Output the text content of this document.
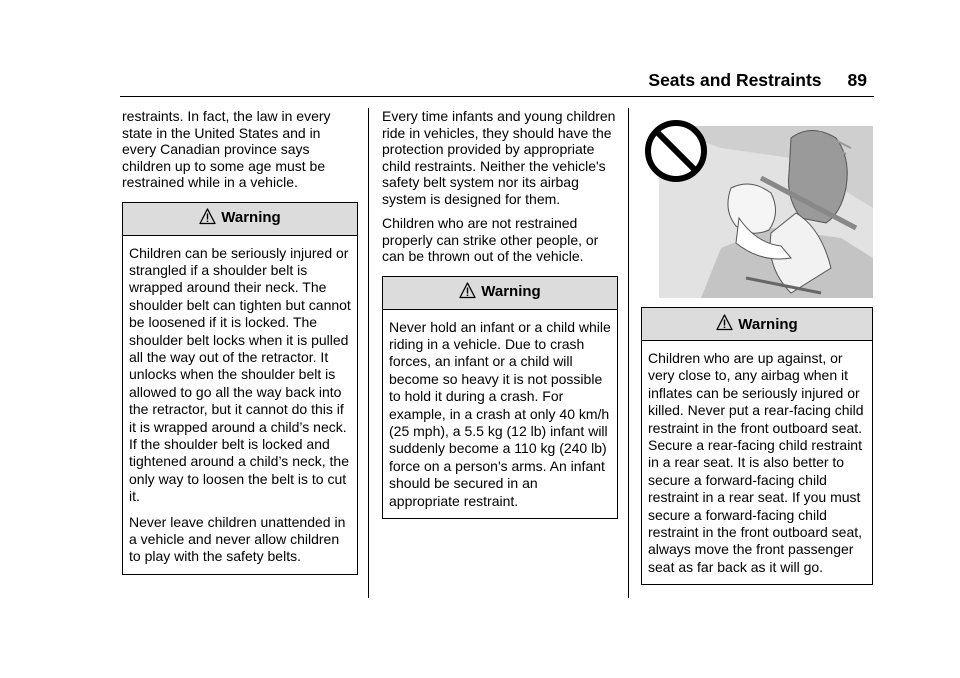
Seats and Restraints 89

restraints. In fact, the law in every state in the United States and in every Canadian province says children up to some age must be restrained while in a vehicle.

Warning

Children can be seriously injured or strangled if a shoulder belt is wrapped around their neck. The shoulder belt can tighten but cannot be loosened if it is locked. The shoulder belt locks when it is pulled all the way out of the retractor. It unlocks when the shoulder belt is allowed to go all the way back into the retractor, but it cannot do this if it is wrapped around a child’s neck. If the shoulder belt is locked and tightened around a child’s neck, the only way to loosen the belt is to cut it.

Never leave children unattended in a vehicle and never allow children to play with the safety belts.

Every time infants and young children ride in vehicles, they should have the protection provided by appropriate child restraints. Neither the vehicle's safety belt system nor its airbag system is designed for them.

Children who are not restrained properly can strike other people, or can be thrown out of the vehicle.

Warning

Never hold an infant or a child while riding in a vehicle. Due to crash forces, an infant or a child will become so heavy it is not possible to hold it during a crash. For example, in a crash at only 40 km/h (25 mph), a 5.5 kg (12 lb) infant will suddenly become a 110 kg (240 lb) force on a person's arms. An infant should be secured in an appropriate restraint.

Warning

Children who are up against, or very close to, any airbag when it inflates can be seriously injured or killed. Never put a rear-facing child restraint in the front outboard seat. Secure a rear-facing child restraint in a rear seat. It is also better to secure a forward-facing child restraint in a rear seat. If you must secure a forward-facing child restraint in the front outboard seat, always move the front passenger seat as far back as it will go.
